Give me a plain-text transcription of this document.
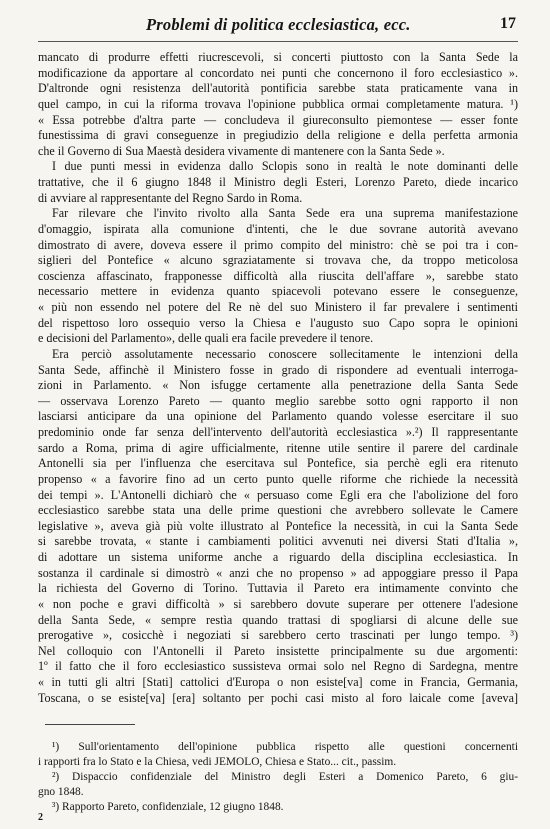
Problemi di politica ecclesiastica, ecc.	17
mancato di produrre effetti riucrescevoli, si concerti piuttosto con la Santa Sede la
modificazione da apportare al concordato nei punti che concernono il foro ecclesiastico ».
D'altronde ogni resistenza dell'autorità pontificia sarebbe stata praticamente vana in
quel campo, in cui la riforma trovava l'opinione pubblica ormai completamente matura. ¹)
« Essa potrebbe d'altra parte — concludeva il giureconsulto piemontese — esser fonte
funestissima di gravi conseguenze in pregiudizio della religione e della perfetta armonia
che il Governo di Sua Maestà desidera vivamente di mantenere con la Santa Sede ».
I due punti messi in evidenza dallo Sclopis sono in realtà le note dominanti delle
trattative, che il 6 giugno 1848 il Ministro degli Esteri, Lorenzo Pareto, diede incarico
di avviare al rappresentante del Regno Sardo in Roma.
Far rilevare che l'invito rivolto alla Santa Sede era una suprema manifestazione
d'omaggio, ispirata alla comunione d'intenti, che le due sovrane autorità avevano
dimostrato di avere, doveva essere il primo compito del ministro: chè se poi tra i con-
siglieri del Pontefice « alcuno sgraziatamente si trovava che, da troppo meticolosa
coscienza affascinato, frapponesse difficoltà alla riuscita dell'affare », sarebbe stato
necessario mettere in evidenza quanto spiacevoli potevano essere le conseguenze,
« più non essendo nel potere del Re nè del suo Ministero il far prevalere i sentimenti
del rispettoso loro ossequio verso la Chiesa e l'augusto suo Capo sopra le opinioni
e decisioni del Parlamento», delle quali era facile prevedere il tenore.
Era perciò assolutamente necessario conoscere sollecitamente le intenzioni della
Santa Sede, affinchè il Ministero fosse in grado di rispondere ad eventuali interroga-
zioni in Parlamento. « Non isfugge certamente alla penetrazione della Santa Sede
— osservava Lorenzo Pareto — quanto meglio sarebbe sotto ogni rapporto il non
lasciarsi anticipare da una opinione del Parlamento quando volesse esercitare il suo
predominio onde far senza dell'intervento dell'autorità ecclesiastica ».²) Il rappresentante
sardo a Roma, prima di agire ufficialmente, ritenne utile sentire il parere del cardinale
Antonelli sia per l'influenza che esercitava sul Pontefice, sia perchè egli era ritenuto
propenso « a favorire fino ad un certo punto quelle riforme che richiede la necessità
dei tempi ». L'Antonelli dichiarò che « persuaso come Egli era che l'abolizione del foro
ecclesiastico sarebbe stata una delle prime questioni che avrebbero sollevate le Camere
legislative », aveva già più volte illustrato al Pontefice la necessità, in cui la Santa Sede
si sarebbe trovata, « stante i cambiamenti politici avvenuti nei diversi Stati d'Italia »,
di adottare un sistema uniforme anche a riguardo della disciplina ecclesiastica. In
sostanza il cardinale si dimostrò « anzi che no propenso » ad appoggiare presso il Papa
la richiesta del Governo di Torino. Tuttavia il Pareto era intimamente convinto che
« non poche e gravi difficoltà » si sarebbero dovute superare per ottenere l'adesione
della Santa Sede, « sempre restìa quando trattasi di spogliarsi di alcune delle sue
prerogative », cosicchè i negoziati si sarebbero certo trascinati per lungo tempo. ³)
Nel colloquio con l'Antonelli il Pareto insistette principalmente su due argomenti:
1º il fatto che il foro ecclesiastico sussisteva ormai solo nel Regno di Sardegna, mentre
« in tutti gli altri [Stati] cattolici d'Europa o non esiste[va] come in Francia, Germania,
Toscana, o se esiste[va] [era] soltanto per pochi casi misto al foro laicale come [aveva]
¹) Sull'orientamento dell'opinione pubblica rispetto alle questioni concernenti
i rapporti fra lo Stato e la Chiesa, vedi JEMOLO, Chiesa e Stato... cit., passim.
²) Dispaccio confidenziale del Ministro degli Esteri a Domenico Pareto, 6 giu-
gno 1848.
³) Rapporto Pareto, confidenziale, 12 giugno 1848.
2
